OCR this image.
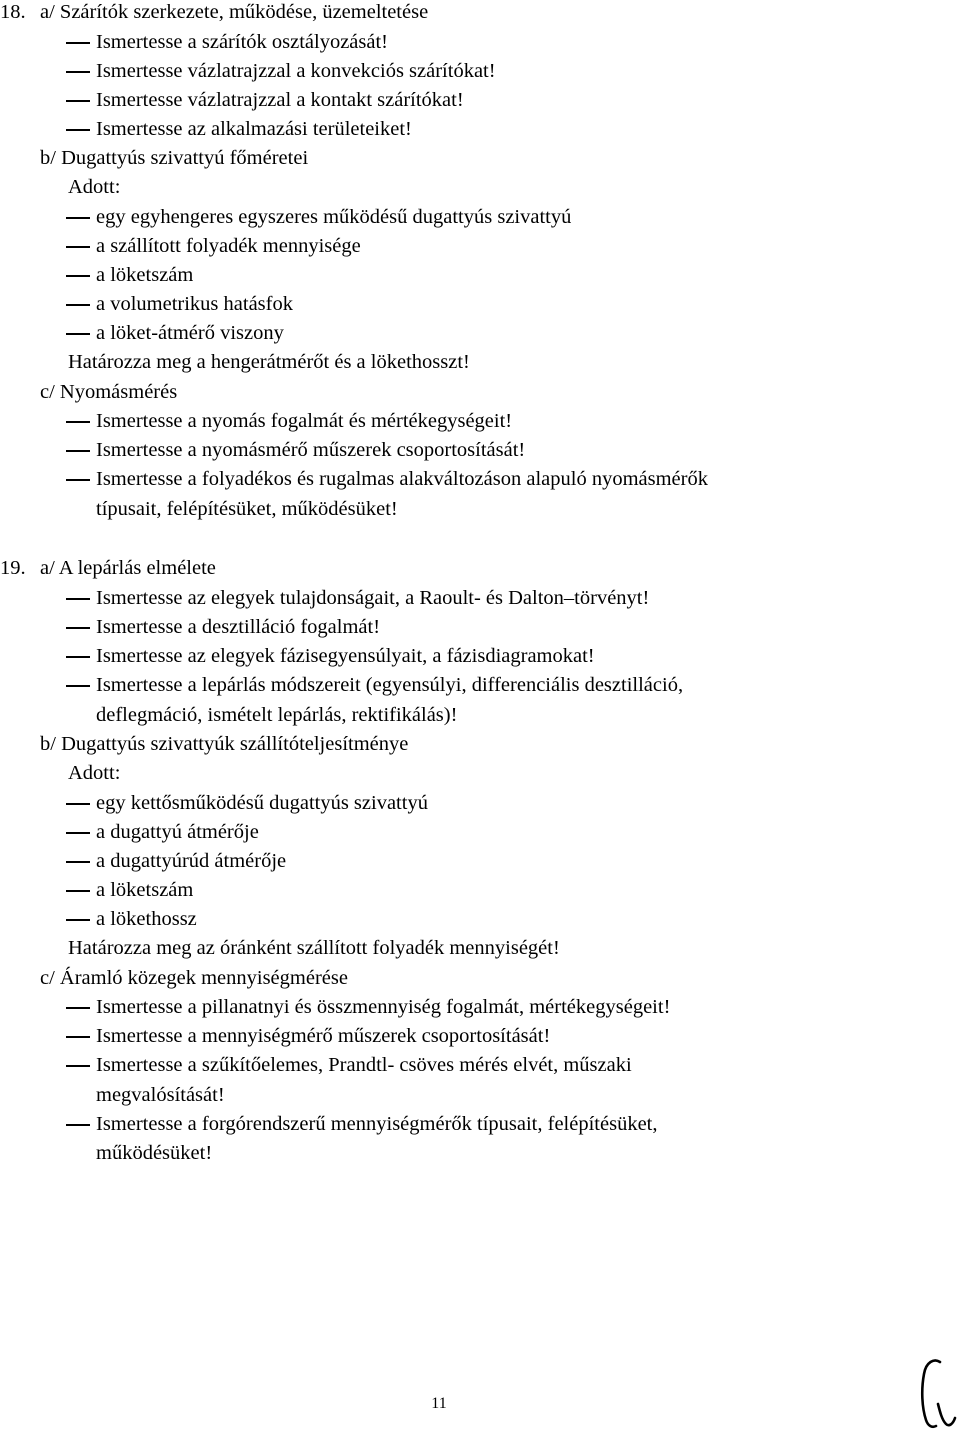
18. a/ Szárítók szerkezete, működése, üzemeltetése
Ismertesse a szárítók osztályozását!
Ismertesse vázlatrajzzal a konvekciós szárítókat!
Ismertesse vázlatrajzzal a kontakt szárítókat!
Ismertesse az alkalmazási területeiket!
b/ Dugattyús szivattyú főméretei
Adott:
egy egyhengeres egyszeres működésű dugattyús szivattyú
a szállított folyadék mennyisége
a löketszám
a volumetrikus hatásfok
a löket-átmérő viszony
Határozza meg a hengerátmérőt és a lökethosszt!
c/ Nyomásmérés
Ismertesse a nyomás fogalmát és mértékegységeit!
Ismertesse a nyomásmérő műszerek csoportosítását!
Ismertesse a folyadékos és rugalmas alakváltozáson alapuló nyomásmérők
típusait, felépítésüket, működésüket!
19. a/ A lepárlás elmélete
Ismertesse az elegyek tulajdonságait, a Raoult- és Dalton–törvényt!
Ismertesse a desztilláció fogalmát!
Ismertesse az elegyek fázisegyensúlyait, a fázisdiagramokat!
Ismertesse a lepárlás módszereit (egyensúlyi, differenciális desztilláció,
deflegmáció, ismételt lepárlás, rektifikálás)!
b/ Dugattyús szivattyúk szállítóteljesítménye
Adott:
egy kettősműködésű dugattyús szivattyú
a dugattyú átmérője
a dugattyúrúd átmérője
a löketszám
a lökethossz
Határozza meg az óránként szállított folyadék mennyiségét!
c/ Áramló közegek mennyiségmérése
Ismertesse a pillanatnyi és összmennyiség fogalmát, mértékegységeit!
Ismertesse a mennyiségmérő műszerek csoportosítását!
Ismertesse a szűkítőelemes, Prandtl- csöves mérés elvét, műszaki
megvalósítását!
Ismertesse a forgórendszerű mennyiségmérők típusait, felépítésüket,
működésüket!
11
